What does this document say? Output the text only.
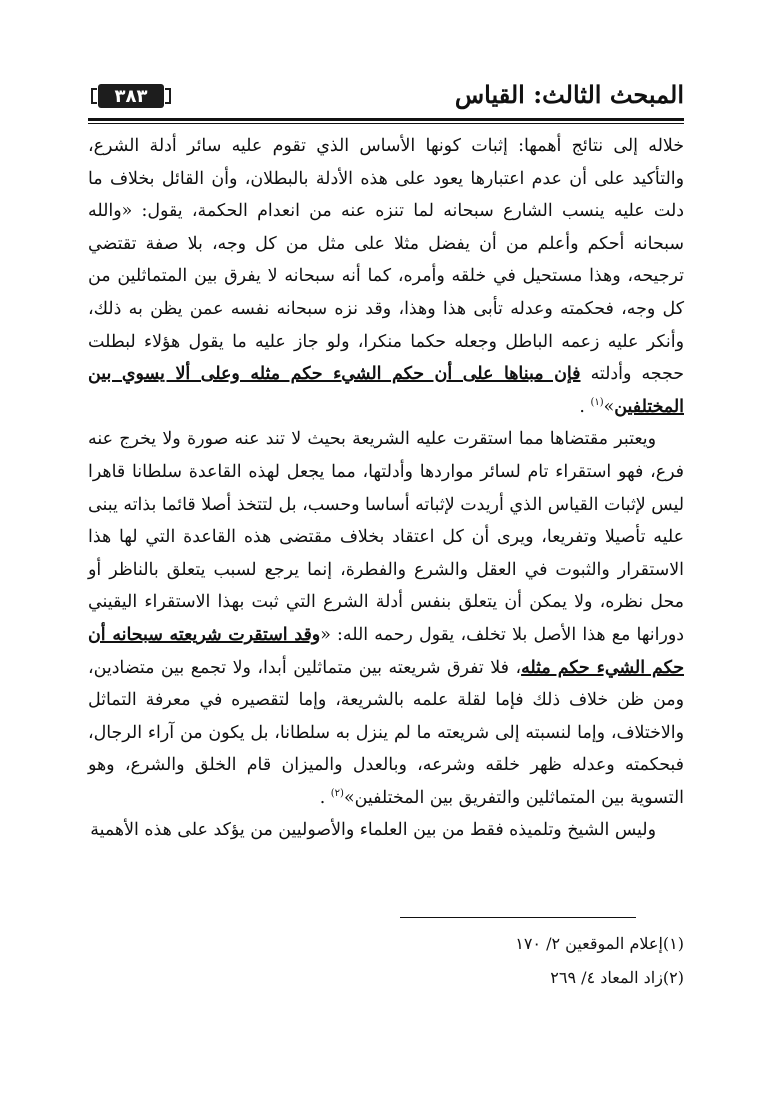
المبحث الثالث: القياس
٣٨٣

خلاله إلى نتائج أهمها: إثبات كونها الأساس الذي تقوم عليه سائر أدلة الشرع، والتأكيد على أن عدم اعتبارها يعود على هذه الأدلة بالبطلان، وأن القائل بخلاف ما دلت عليه ينسب الشارع سبحانه لما تنزه عنه من انعدام الحكمة، يقول: «والله سبحانه أحكم وأعلم من أن يفضل مثلا على مثل من كل وجه، بلا صفة تقتضي ترجيحه، وهذا مستحيل في خلقه وأمره، كما أنه سبحانه لا يفرق بين المتماثلين من كل وجه، فحكمته وعدله تأبى هذا وهذا، وقد نزه سبحانه نفسه عمن يظن به ذلك، وأنكر عليه زعمه الباطل وجعله حكما منكرا، ولو جاز عليه ما يقول هؤلاء لبطلت حججه وأدلته فإن مبناها على أن حكم الشيء حكم مثله وعلى ألا يسوي بين المختلفين»$^{(١)}$ .

ويعتبر مقتضاها مما استقرت عليه الشريعة بحيث لا تند عنه صورة ولا يخرج عنه فرع، فهو استقراء تام لسائر مواردها وأدلتها، مما يجعل لهذه القاعدة سلطانا قاهرا ليس لإثبات القياس الذي أريدت لإثباته أساسا وحسب، بل لتتخذ أصلا قائما بذاته يبنى عليه تأصيلا وتفريعا، ويرى أن كل اعتقاد بخلاف مقتضى هذه القاعدة التي لها هذا الاستقرار والثبوت في العقل والشرع والفطرة، إنما يرجع لسبب يتعلق بالناظر أو محل نظره، ولا يمكن أن يتعلق بنفس أدلة الشرع التي ثبت بهذا الاستقراء اليقيني دورانها مع هذا الأصل بلا تخلف، يقول رحمه الله: «وقد استقرت شريعته سبحانه أن حكم الشيء حكم مثله، فلا تفرق شريعته بين متماثلين أبدا، ولا تجمع بين متضادين، ومن ظن خلاف ذلك فإما لقلة علمه بالشريعة، وإما لتقصيره في معرفة التماثل والاختلاف، وإما لنسبته إلى شريعته ما لم ينزل به سلطانا، بل يكون من آراء الرجال، فبحكمته وعدله ظهر خلقه وشرعه، وبالعدل والميزان قام الخلق والشرع، وهو التسوية بين المتماثلين والتفريق بين المختلفين»$^{(٢)}$ .

وليس الشيخ وتلميذه فقط من بين العلماء والأصوليين من يؤكد على هذه الأهمية

(١)إعلام الموقعين ٢/ ١٧٠
(٢)زاد المعاد ٤/ ٢٦٩
